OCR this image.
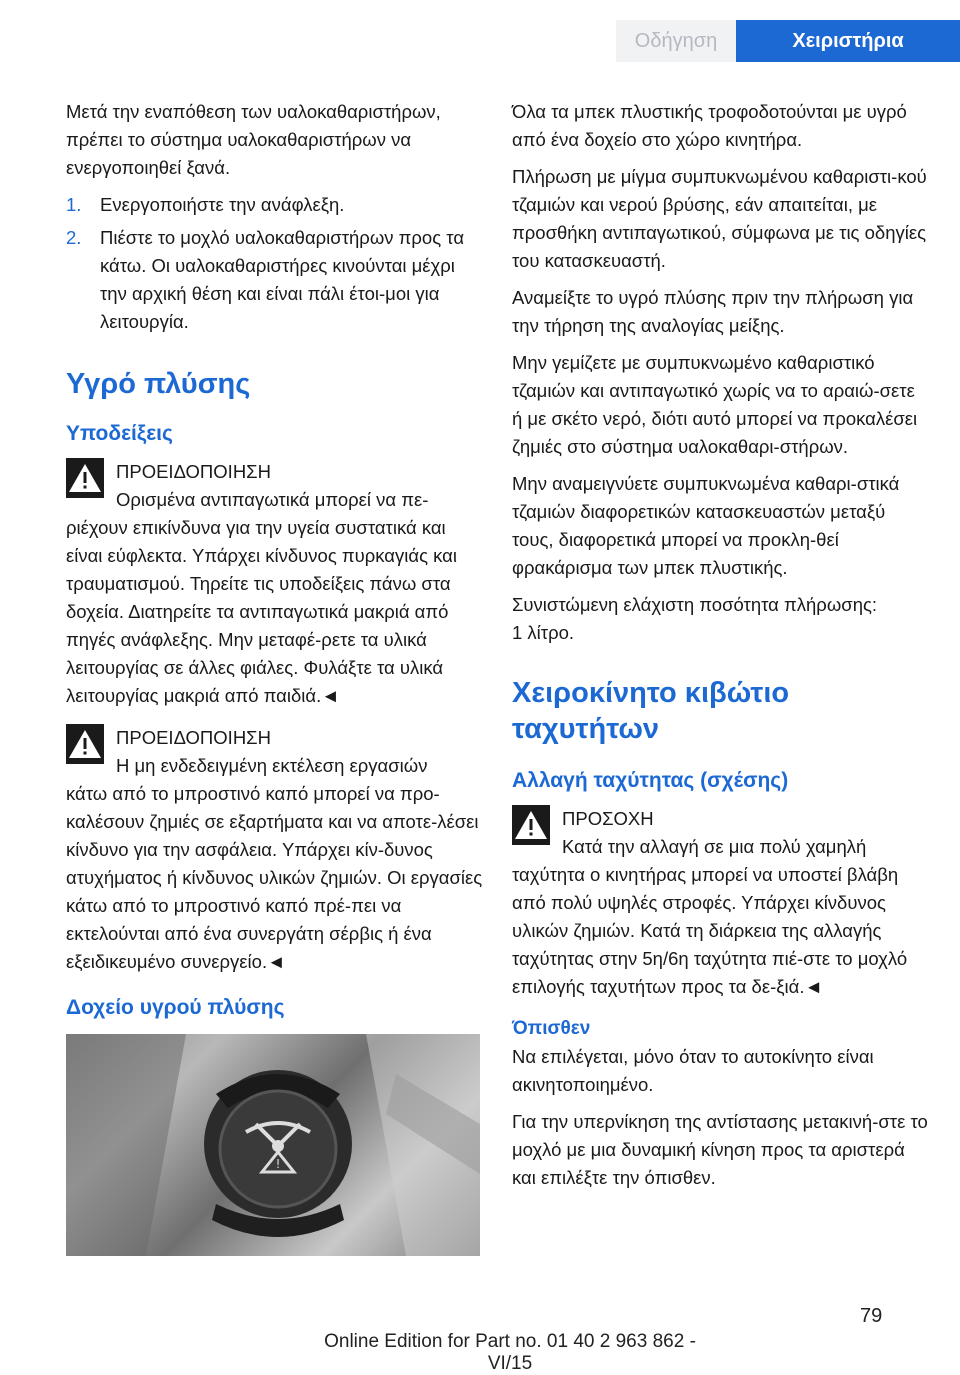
Οδήγηση	Χειριστήρια

Μετά την εναπόθεση των υαλοκαθαριστήρων, πρέπει το σύστημα υαλοκαθαριστήρων να ενεργοποιηθεί ξανά.

1.	Ενεργοποιήστε την ανάφλεξη.
2.	Πιέστε το μοχλό υαλοκαθαριστήρων προς τα κάτω. Οι υαλοκαθαριστήρες κινούνται μέχρι την αρχική θέση και είναι πάλι έτοι-μοι για λειτουργία.
Υγρό πλύσης
Υποδείξεις
ΠΡΟΕΙΔΟΠΟΙΗΣΗ
Ορισμένα αντιπαγωτικά μπορεί να πε-
ριέχουν επικίνδυνα για την υγεία συστατικά και είναι εύφλεκτα. Υπάρχει κίνδυνος πυρκαγιάς και τραυματισμού. Τηρείτε τις υποδείξεις πάνω στα δοχεία. Διατηρείτε τα αντιπαγωτικά μακριά από πηγές ανάφλεξης. Μην μεταφέ-ρετε τα υλικά λειτουργίας σε άλλες φιάλες. Φυλάξτε τα υλικά λειτουργίας μακριά από παιδιά.◄
ΠΡΟΕΙΔΟΠΟΙΗΣΗ
Η μη ενδεδειγμένη εκτέλεση εργασιών
κάτω από το μπροστινό καπό μπορεί να προ-καλέσουν ζημιές σε εξαρτήματα και να αποτε-λέσει κίνδυνο για την ασφάλεια. Υπάρχει κίν-δυνος ατυχήματος ή κίνδυνος υλικών ζημιών. Οι εργασίες κάτω από το μπροστινό καπό πρέ-πει να εκτελούνται από ένα συνεργάτη σέρβις ή ένα εξειδικευμένο συνεργείο.◄
Δοχείο υγρού πλύσης
!

Όλα τα μπεκ πλυστικής τροφοδοτούνται με υγρό από ένα δοχείο στο χώρο κινητήρα.

Πλήρωση με μίγμα συμπυκνωμένου καθαριστι-κού τζαμιών και νερού βρύσης, εάν απαιτείται, με προσθήκη αντιπαγωτικού, σύμφωνα με τις οδηγίες του κατασκευαστή.

Αναμείξτε το υγρό πλύσης πριν την πλήρωση για την τήρηση της αναλογίας μείξης.

Μην γεμίζετε με συμπυκνωμένο καθαριστικό τζαμιών και αντιπαγωτικό χωρίς να το αραιώ-σετε ή με σκέτο νερό, διότι αυτό μπορεί να προκαλέσει ζημιές στο σύστημα υαλοκαθαρι-στήρων.

Μην αναμειγνύετε συμπυκνωμένα καθαρι-στικά τζαμιών διαφορετικών κατασκευαστών μεταξύ τους, διαφορετικά μπορεί να προκλη-θεί φρακάρισμα των μπεκ πλυστικής.

Συνιστώμενη ελάχιστη ποσότητα πλήρωσης:
1 λίτρο.

Χειροκίνητο κιβώτιο ταχυτήτων
Αλλαγή ταχύτητας (σχέσης)
ΠΡΟΣΟΧΗ
Κατά την αλλαγή σε μια πολύ χαμηλή
ταχύτητα ο κινητήρας μπορεί να υποστεί βλάβη από πολύ υψηλές στροφές. Υπάρχει κίνδυνος υλικών ζημιών. Κατά τη διάρκεια της αλλαγής ταχύτητας στην 5η/6η ταχύτητα πιέ-στε το μοχλό επιλογής ταχυτήτων προς τα δε-ξιά.◄
Όπισθεν

Να επιλέγεται, μόνο όταν το αυτοκίνητο είναι ακινητοποιημένο.

Για την υπερνίκηση της αντίστασης μετακινή-στε το μοχλό με μια δυναμική κίνηση προς τα αριστερά και επιλέξτε την όπισθεν.

79
Online Edition for Part no. 01 40 2 963 862 - VI/15
